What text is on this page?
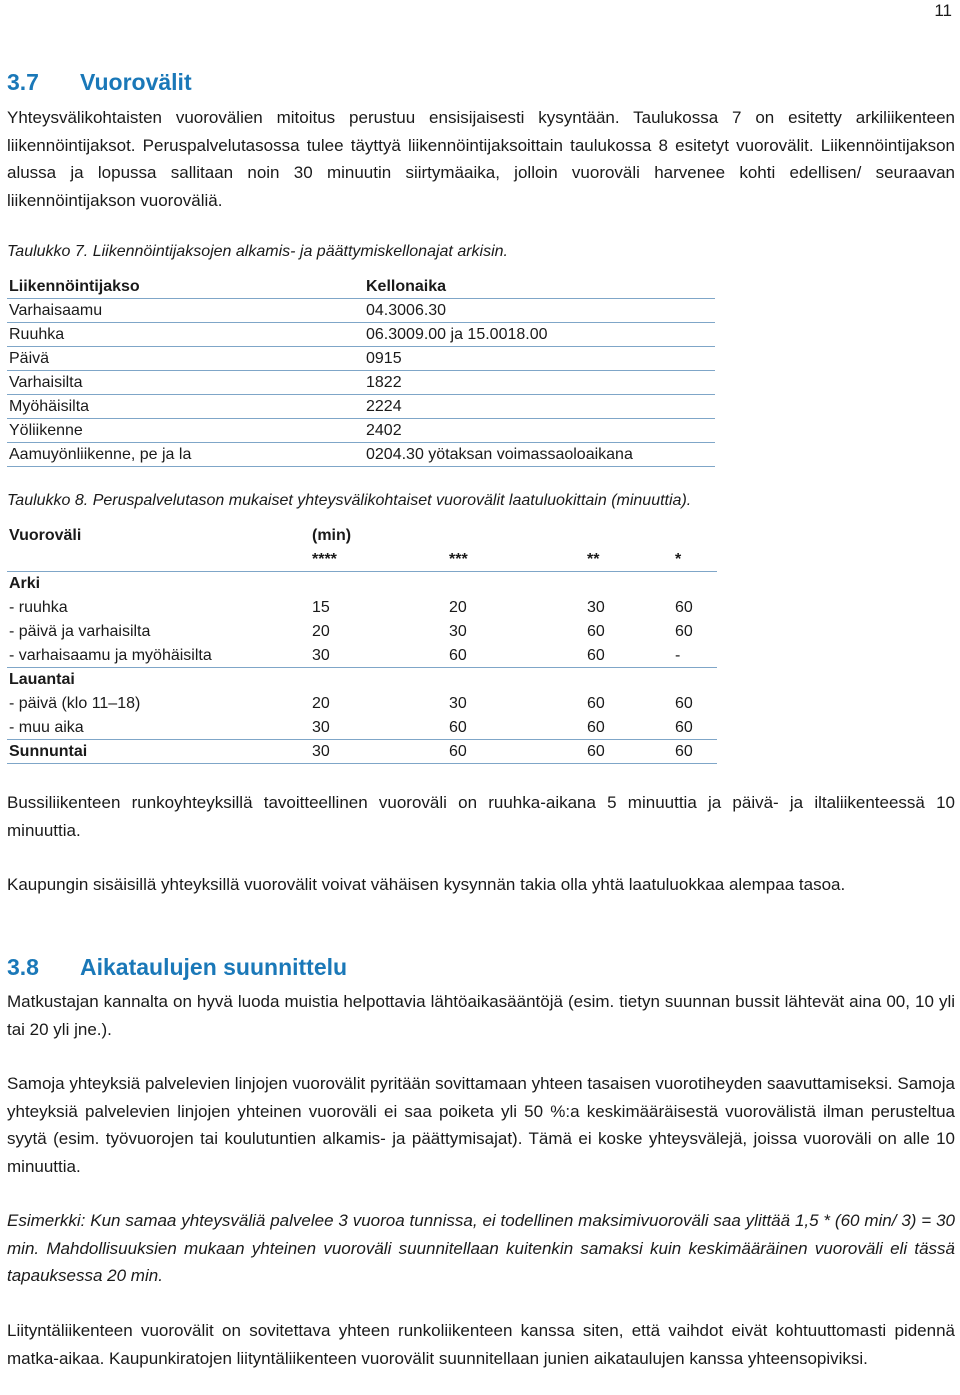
11
3.7 Vuorovälit

Yhteysvälikohtaisten vuorovälien mitoitus perustuu ensisijaisesti kysyntään. Taulukossa 7 on esitetty arkiliikenteen liikennöintijaksot. Peruspalvelutasossa tulee täyttyä liikennöintijaksoittain taulukossa 8 esitetyt vuorovälit. Liikennöintijakson alussa ja lopussa sallitaan noin 30 minuutin siirtymäaika, jolloin vuoroväli harvenee kohti edellisen/ seuraavan liikennöintijakson vuoroväliä.

Taulukko 7. Liikennöintijaksojen alkamis- ja päättymiskellonajat arkisin.
Liikennöintijakso	Kellonaika
Varhaisaamu	04.3006.30
Ruuhka	06.3009.00 ja 15.0018.00
Päivä	0915
Varhaisilta	1822
Myöhäisilta	2224
Yöliikenne	2402
Aamuyönliikenne, pe ja la	0204.30 yötaksan voimassaoloaikana
Taulukko 8. Peruspalvelutason mukaiset yhteysvälikohtaiset vuorovälit laatuluokittain (minuuttia).
Vuoroväli	(min)
****	***	**	*
Arki
- ruuhka	15	20	30	60
- päivä ja varhaisilta	20	30	60	60
- varhaisaamu ja myöhäisilta	30	60	60	-
Lauantai
- päivä (klo 11–18)	20	30	60	60
- muu aika	30	60	60	60
Sunnuntai	30	60	60	60

Bussiliikenteen runkoyhteyksillä tavoitteellinen vuoroväli on ruuhka-aikana 5 minuuttia ja päivä- ja iltaliikenteessä 10 minuuttia.

Kaupungin sisäisillä yhteyksillä vuorovälit voivat vähäisen kysynnän takia olla yhtä laatuluokkaa alempaa tasoa.

3.8 Aikataulujen suunnittelu

Matkustajan kannalta on hyvä luoda muistia helpottavia lähtöaikasääntöjä (esim. tietyn suunnan bussit lähtevät aina 00, 10 yli tai 20 yli jne.).

Samoja yhteyksiä palvelevien linjojen vuorovälit pyritään sovittamaan yhteen tasaisen vuorotiheyden saavuttamiseksi. Samoja yhteyksiä palvelevien linjojen yhteinen vuoroväli ei saa poiketa yli 50 %:a keskimääräisestä vuorovälistä ilman perusteltua syytä (esim. työvuorojen tai koulutuntien alkamis- ja päättymisajat). Tämä ei koske yhteysvälejä, joissa vuoroväli on alle 10 minuuttia.

Esimerkki: Kun samaa yhteysväliä palvelee 3 vuoroa tunnissa, ei todellinen maksimivuoroväli saa ylittää 1,5 * (60 min/ 3) = 30 min. Mahdollisuuksien mukaan yhteinen vuoroväli suunnitellaan kuitenkin samaksi kuin keskimääräinen vuoroväli eli tässä tapauksessa 20 min.

Liityntäliikenteen vuorovälit on sovitettava yhteen runkoliikenteen kanssa siten, että vaihdot eivät kohtuuttomasti pidennä matka-aikaa. Kaupunkiratojen liityntäliikenteen vuorovälit suunnitellaan junien aikataulujen kanssa yhteensopiviksi.
